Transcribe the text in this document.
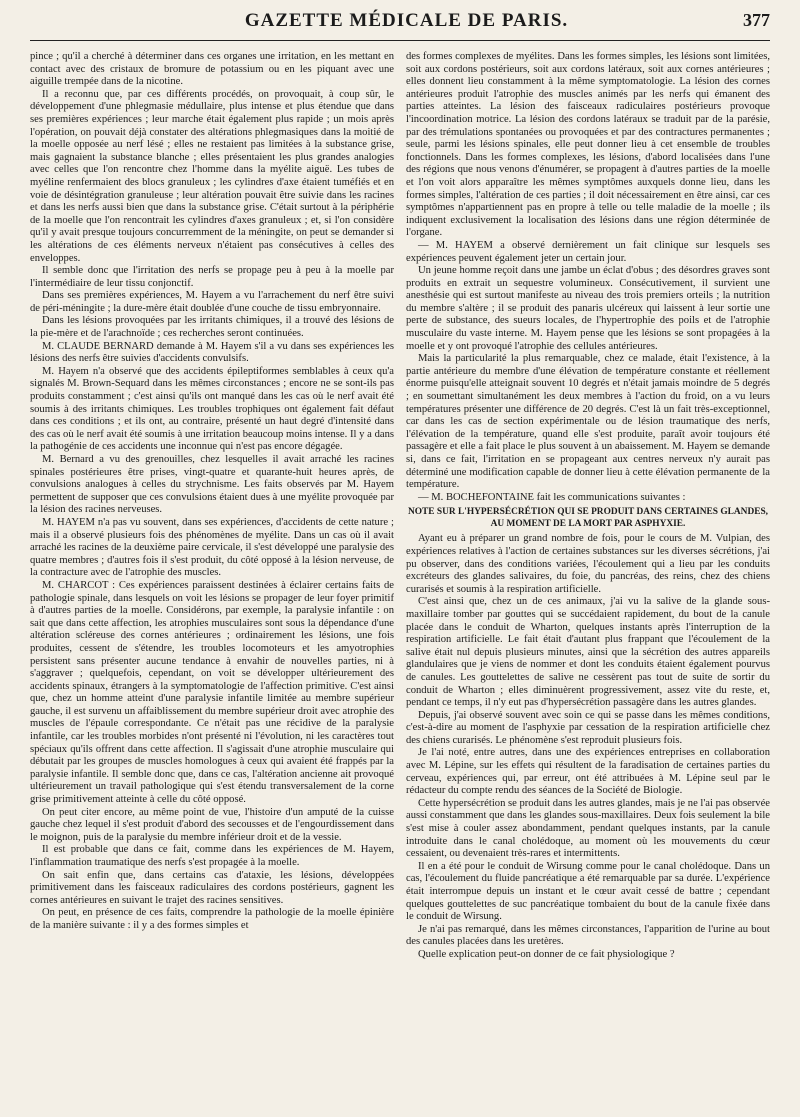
GAZETTE MÉDICALE DE PARIS.	377

pince ; qu'il a cherché à déterminer dans ces organes une irritation, en les mettant en contact avec des cristaux de bromure de potassium ou en les piquant avec une aiguille trempée dans de la nicotine.

Il a reconnu que, par ces différents procédés, on provoquait, à coup sûr, le développement d'une phlegmasie médullaire, plus intense et plus étendue que dans ses premières expériences ; leur marche était également plus rapide ; un mois après l'opération, on pouvait déjà constater des altérations phlegmasiques dans la moitié de la moelle opposée au nerf lésé ; elles ne restaient pas limitées à la substance grise, mais gagnaient la substance blanche ; elles présentaient les plus grandes analogies avec celles que l'on rencontre chez l'homme dans la myélite aiguë. Les tubes de myéline renfermaient des blocs granuleux ; les cylindres d'axe étaient tuméfiés et en voie de désintégration granuleuse ; leur altération pouvait être suivie dans les racines et dans les nerfs aussi bien que dans la substance grise. C'était surtout à la périphérie de la moelle que l'on rencontrait les cylindres d'axes granuleux ; et, si l'on considère qu'il y avait presque toujours concurremment de la méningite, on peut se demander si les altérations de ces éléments nerveux n'étaient pas consécutives à celles des enveloppes.

Il semble donc que l'irritation des nerfs se propage peu à peu à la moelle par l'intermédiaire de leur tissu conjonctif.

Dans ses premières expériences, M. Hayem a vu l'arrachement du nerf être suivi de péri-méningite ; la dure-mère était doublée d'une couche de tissu embryonnaire.

Dans les lésions provoquées par les irritants chimiques, il a trouvé des lésions de la pie-mère et de l'arachnoïde ; ces recherches seront continuées.

M. CLAUDE BERNARD demande à M. Hayem s'il a vu dans ses expériences les lésions des nerfs être suivies d'accidents convulsifs.

M. Hayem n'a observé que des accidents épileptiformes semblables à ceux qu'a signalés M. Brown-Sequard dans les mêmes circonstances ; encore ne se sont-ils pas produits constamment ; c'est ainsi qu'ils ont manqué dans les cas où le nerf avait été soumis à des irritants chimiques. Les troubles trophiques ont également fait défaut dans ces conditions ; et ils ont, au contraire, présenté un haut degré d'intensité dans des cas où le nerf avait été soumis à une irritation beaucoup moins intense. Il y a dans la pathogénie de ces accidents une inconnue qui n'est pas encore dégagée.

M. Bernard a vu des grenouilles, chez lesquelles il avait arraché les racines spinales postérieures être prises, vingt-quatre et quarante-huit heures après, de convulsions analogues à celles du strychnisme. Les faits observés par M. Hayem permettent de supposer que ces convulsions étaient dues à une myélite provoquée par la lésion des racines nerveuses.

M. HAYEM n'a pas vu souvent, dans ses expériences, d'accidents de cette nature ; mais il a observé plusieurs fois des phénomènes de myélite. Dans un cas où il avait arraché les racines de la deuxième paire cervicale, il s'est développé une paralysie des quatre membres ; d'autres fois il s'est produit, du côté opposé à la lésion nerveuse, de la contracture avec de l'atrophie des muscles.

M. CHARCOT : Ces expériences paraissent destinées à éclairer certains faits de pathologie spinale, dans lesquels on voit les lésions se propager de leur foyer primitif à d'autres parties de la moelle. Considérons, par exemple, la paralysie infantile : on sait que dans cette affection, les atrophies musculaires sont sous la dépendance d'une altération scléreuse des cornes antérieures ; ordinairement les lésions, une fois produites, cessent de s'étendre, les troubles locomoteurs et les amyotrophies persistent sans présenter aucune tendance à envahir de nouvelles parties, ni à s'aggraver ; quelquefois, cependant, on voit se développer ultérieurement des accidents spinaux, étrangers à la symptomatologie de l'affection primitive. C'est ainsi que, chez un homme atteint d'une paralysie infantile limitée au membre supérieur gauche, il est survenu un affaiblissement du membre supérieur droit avec atrophie des muscles de l'épaule correspondante. Ce n'était pas une récidive de la paralysie infantile, car les troubles morbides n'ont présenté ni l'évolution, ni les caractères tout spéciaux qu'ils offrent dans cette affection. Il s'agissait d'une atrophie musculaire qui débutait par les groupes de muscles homologues à ceux qui avaient été frappés par la paralysie infantile. Il semble donc que, dans ce cas, l'altération ancienne ait provoqué ultérieurement un travail pathologique qui s'est étendu transversalement de la corne grise primitivement atteinte à celle du côté opposé.

On peut citer encore, au même point de vue, l'histoire d'un amputé de la cuisse gauche chez lequel il s'est produit d'abord des secousses et de l'engourdissement dans le moignon, puis de la paralysie du membre inférieur droit et de la vessie.

Il est probable que dans ce fait, comme dans les expériences de M. Hayem, l'inflammation traumatique des nerfs s'est propagée à la moelle.

On sait enfin que, dans certains cas d'ataxie, les lésions, développées primitivement dans les faisceaux radiculaires des cordons postérieurs, gagnent les cornes antérieures en suivant le trajet des racines sensitives.

On peut, en présence de ces faits, comprendre la pathologie de la moelle épinière de la manière suivante : il y a des formes simples et

des formes complexes de myélites. Dans les formes simples, les lésions sont limitées, soit aux cordons postérieurs, soit aux cordons latéraux, soit aux cornes antérieures ; elles donnent lieu constamment à la même symptomatologie. La lésion des cornes antérieures produit l'atrophie des muscles animés par les nerfs qui émanent des parties atteintes. La lésion des faisceaux radiculaires postérieurs provoque l'incoordination motrice. La lésion des cordons latéraux se traduit par de la parésie, par des trémulations spontanées ou provoquées et par des contractures permanentes ; seule, parmi les lésions spinales, elle peut donner lieu à cet ensemble de troubles fonctionnels. Dans les formes complexes, les lésions, d'abord localisées dans l'une des régions que nous venons d'énumérer, se propagent à d'autres parties de la moelle et l'on voit alors apparaître les mêmes symptômes auxquels donne lieu, dans les formes simples, l'altération de ces parties ; il doit nécessairement en être ainsi, car ces symptômes n'appartiennent pas en propre à telle ou telle maladie de la moelle ; ils indiquent exclusivement la localisation des lésions dans une région déterminée de l'organe.

— M. HAYEM a observé dernièrement un fait clinique sur lesquels ses expériences peuvent également jeter un certain jour.

Un jeune homme reçoit dans une jambe un éclat d'obus ; des désordres graves sont produits en extrait un sequestre volumineux. Consécutivement, il survient une anesthésie qui est surtout manifeste au niveau des trois premiers orteils ; la nutrition du membre s'altère ; il se produit des panaris ulcéreux qui laissent à leur sortie une perte de substance, des sueurs locales, de l'hypertrophie des poils et de l'atrophie musculaire du vaste interne. M. Hayem pense que les lésions se sont propagées à la moelle et y ont provoqué l'atrophie des cellules antérieures.

Mais la particularité la plus remarquable, chez ce malade, était l'existence, à la partie antérieure du membre d'une élévation de température constante et réellement énorme puisqu'elle atteignait souvent 10 degrés et n'était jamais moindre de 5 degrés ; en soumettant simultanément les deux membres à l'action du froid, on a vu leurs températures présenter une différence de 20 degrés. C'est là un fait très-exceptionnel, car dans les cas de section expérimentale ou de lésion traumatique des nerfs, l'élévation de la température, quand elle s'est produite, paraît avoir toujours été passagère et elle a fait place le plus souvent à un abaissement. M. Hayem se demande si, dans ce fait, l'irritation en se propageant aux centres nerveux n'y aurait pas déterminé une modification capable de donner lieu à cette élévation permanente de la température.

— M. BOCHEFONTAINE fait les communications suivantes :

NOTE SUR L'HYPERSÉCRÉTION QUI SE PRODUIT DANS CERTAINES GLANDES, AU MOMENT DE LA MORT PAR ASPHYXIE.

Ayant eu à préparer un grand nombre de fois, pour le cours de M. Vulpian, des expériences relatives à l'action de certaines substances sur les diverses sécrétions, j'ai pu observer, dans des conditions variées, l'écoulement qui a lieu par les conduits excréteurs des glandes salivaires, du foie, du pancréas, des reins, chez des chiens curarisés et soumis à la respiration artificielle.

C'est ainsi que, chez un de ces animaux, j'ai vu la salive de la glande sous-maxillaire tomber par gouttes qui se succédaient rapidement, du bout de la canule placée dans le conduit de Wharton, quelques instants après l'interruption de la respiration artificielle. Le fait était d'autant plus frappant que l'écoulement de la salive était nul depuis plusieurs minutes, ainsi que la sécrétion des autres appareils glandulaires que je viens de nommer et dont les conduits étaient également pourvus de canules. Les gouttelettes de salive ne cessèrent pas tout de suite de sortir du conduit de Wharton ; elles diminuèrent progressivement, assez vite du reste, et, pendant ce temps, il n'y eut pas d'hypersécrétion passagère dans les autres glandes.

Depuis, j'ai observé souvent avec soin ce qui se passe dans les mêmes conditions, c'est-à-dire au moment de l'asphyxie par cessation de la respiration artificielle chez des chiens curarisés. Le phénomène s'est reproduit plusieurs fois.

Je l'ai noté, entre autres, dans une des expériences entreprises en collaboration avec M. Lépine, sur les effets qui résultent de la faradisation de certaines parties du cerveau, expériences qui, par erreur, ont été attribuées à M. Lépine seul par le rédacteur du compte rendu des séances de la Société de Biologie.

Cette hypersécrétion se produit dans les autres glandes, mais je ne l'ai pas observée aussi constamment que dans les glandes sous-maxillaires. Deux fois seulement la bile s'est mise à couler assez abondamment, pendant quelques instants, par la canule introduite dans le canal cholédoque, au moment où les mouvements du cœur cessaient, ou devenaient très-rares et intermittents.

Il en a été pour le conduit de Wirsung comme pour le canal cholédoque. Dans un cas, l'écoulement du fluide pancréatique a été remarquable par sa durée. L'expérience était interrompue depuis un instant et le cœur avait cessé de battre ; cependant quelques gouttelettes de suc pancréatique tombaient du bout de la canule fixée dans le conduit de Wirsung.

Je n'ai pas remarqué, dans les mêmes circonstances, l'apparition de l'urine au bout des canules placées dans les uretères.

Quelle explication peut-on donner de ce fait physiologique ?
